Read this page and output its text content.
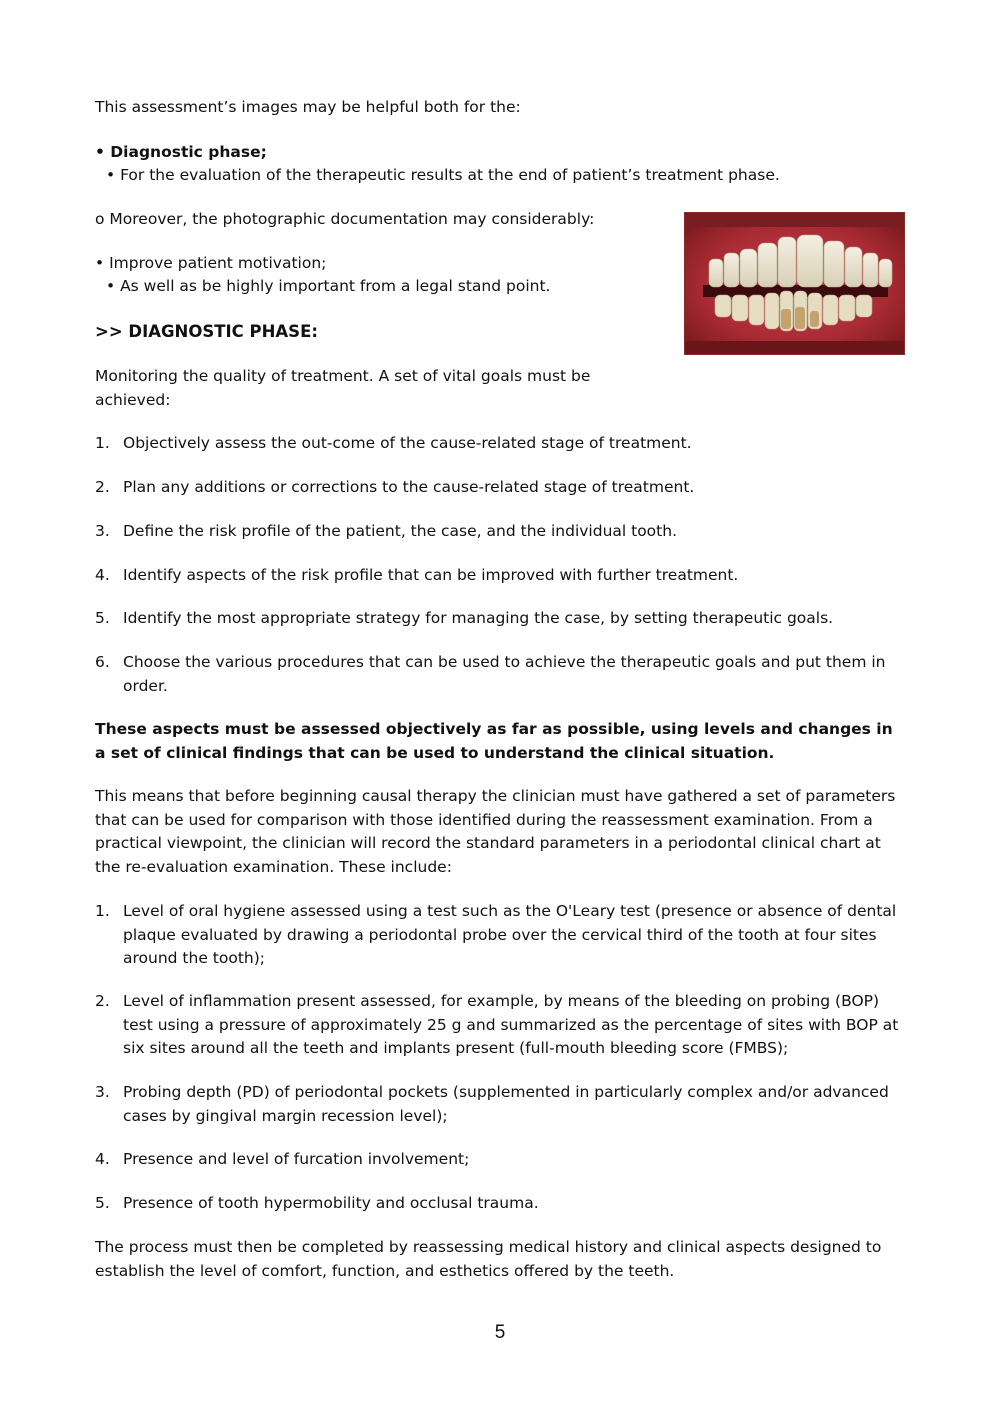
This assessment’s images may be helpful both for the:
• Diagnostic phase;
• For the evaluation of the therapeutic results at the end of patient’s treatment phase.
o Moreover, the photographic documentation may considerably:
• Improve patient motivation;
• As well as be highly important from a legal stand point.
>> DIAGNOSTIC PHASE:
Monitoring the quality of treatment. A set of vital goals must be achieved:
1. Objectively assess the out-come of the cause-related stage of treatment.
2. Plan any additions or corrections to the cause-related stage of treatment.
3. Define the risk profile of the patient, the case, and the individual tooth.
4. Identify aspects of the risk profile that can be improved with further treatment.
5. Identify the most appropriate strategy for managing the case, by setting therapeutic goals.
6. Choose the various procedures that can be used to achieve the therapeutic goals and put them in order.
These aspects must be assessed objectively as far as possible, using levels and changes in a set of clinical findings that can be used to understand the clinical situation.
This means that before beginning causal therapy the clinician must have gathered a set of parameters that can be used for comparison with those identified during the reassessment examination. From a practical viewpoint, the clinician will record the standard parameters in a periodontal clinical chart at the re-evaluation examination. These include:
1. Level of oral hygiene assessed using a test such as the O'Leary test (presence or absence of dental plaque evaluated by drawing a periodontal probe over the cervical third of the tooth at four sites around the tooth);
2. Level of inflammation present assessed, for example, by means of the bleeding on probing (BOP) test using a pressure of approximately 25 g and summarized as the percentage of sites with BOP at six sites around all the teeth and implants present (full-mouth bleeding score (FMBS);
3. Probing depth (PD) of periodontal pockets (supplemented in particularly complex and/or advanced cases by gingival margin recession level);
4. Presence and level of furcation involvement;
5. Presence of tooth hypermobility and occlusal trauma.
The process must then be completed by reassessing medical history and clinical aspects designed to establish the level of comfort, function, and esthetics offered by the teeth.
5
